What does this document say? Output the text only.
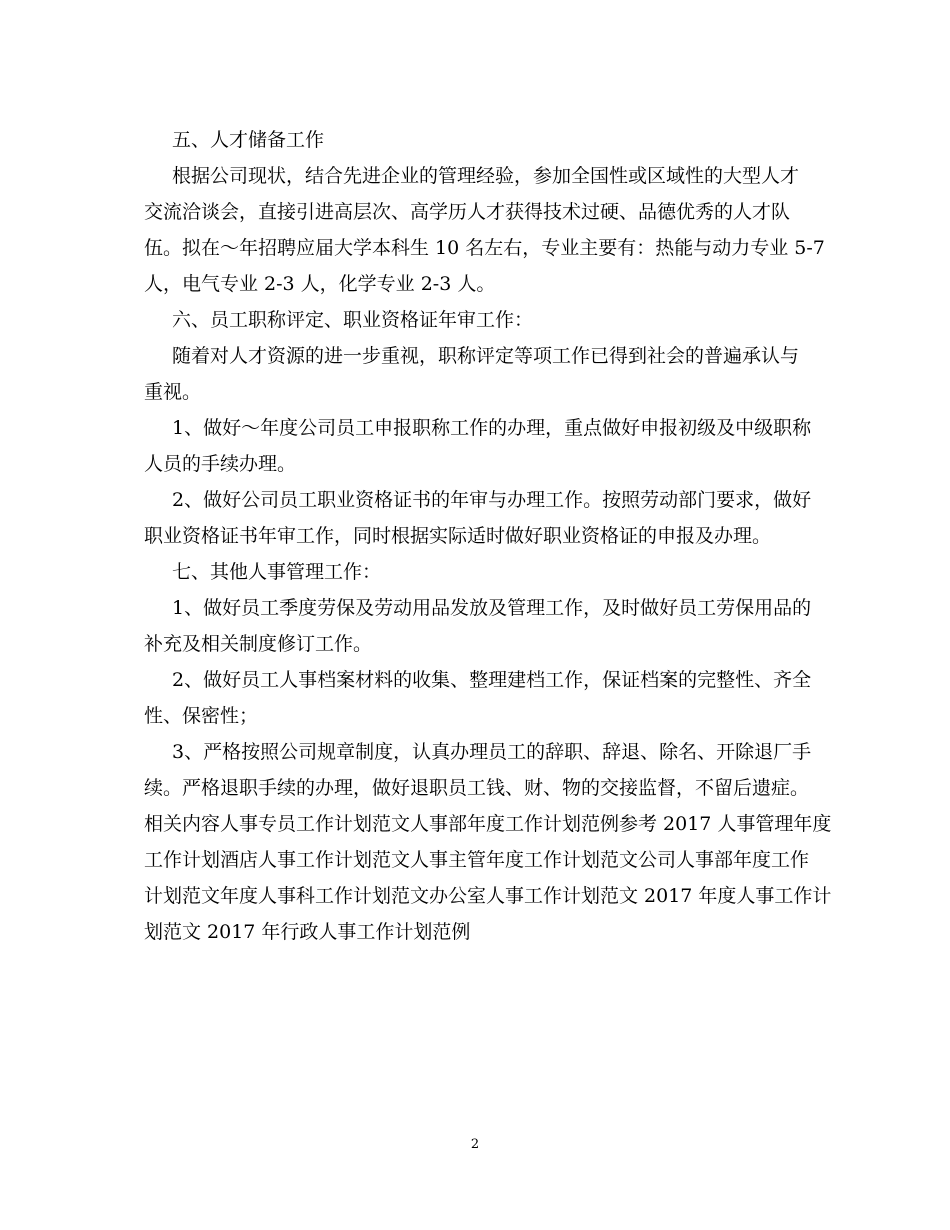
五、人才储备工作
根据公司现状，结合先进企业的管理经验，参加全国性或区域性的大型人才
交流洽谈会，直接引进高层次、高学历人才获得技术过硬、品德优秀的人才队
伍。拟在～年招聘应届大学本科生 10 名左右，专业主要有：热能与动力专业 5-7
人，电气专业 2-3 人，化学专业 2-3 人。
六、员工职称评定、职业资格证年审工作：
随着对人才资源的进一步重视，职称评定等项工作已得到社会的普遍承认与
重视。
1、做好～年度公司员工申报职称工作的办理，重点做好申报初级及中级职称
人员的手续办理。
2、做好公司员工职业资格证书的年审与办理工作。按照劳动部门要求，做好
职业资格证书年审工作，同时根据实际适时做好职业资格证的申报及办理。
七、其他人事管理工作：
1、做好员工季度劳保及劳动用品发放及管理工作，及时做好员工劳保用品的
补充及相关制度修订工作。
2、做好员工人事档案材料的收集、整理建档工作，保证档案的完整性、齐全
性、保密性；
3、严格按照公司规章制度，认真办理员工的辞职、辞退、除名、开除退厂手
续。严格退职手续的办理，做好退职员工钱、财、物的交接监督，不留后遗症。
相关内容人事专员工作计划范文人事部年度工作计划范例参考 2017 人事管理年度
工作计划酒店人事工作计划范文人事主管年度工作计划范文公司人事部年度工作
计划范文年度人事科工作计划范文办公室人事工作计划范文 2017 年度人事工作计
划范文 2017 年行政人事工作计划范例
2
